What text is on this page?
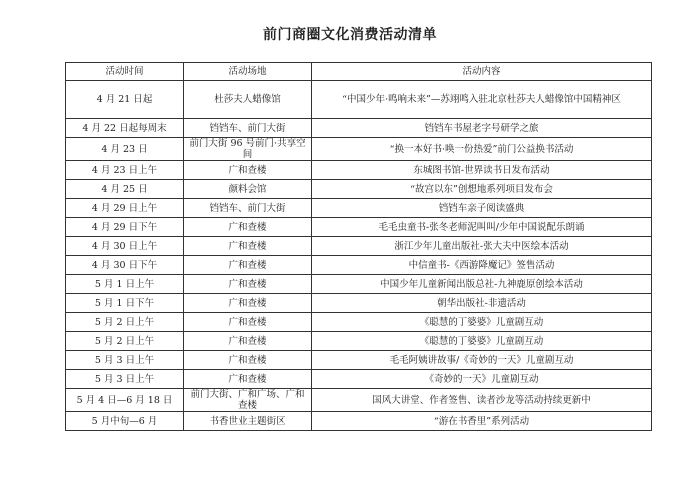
前门商圈文化消费活动清单
活动时间	活动场地	活动内容
4 月 21 日起	杜莎夫人蜡像馆	“中国少年·鸣响未来”—苏翊鸣入驻北京杜莎夫人蜡像馆中国精神区
4 月 22 日起每周末	铛铛车、前门大街	铛铛车书屋老字号研学之旅
4 月 23 日	前门大街 96 号前门·共享空间	“换一本好书·唤一份热爱”前门公益换书活动
4 月 23 日上午	广和查楼	东城图书馆-世界读书日发布活动
4 月 25 日	颜料会馆	“故宫以东”创想地系列项目发布会
4 月 29 日上午	铛铛车、前门大街	铛铛车亲子阅读盛典
4 月 29 日下午	广和查楼	毛毛虫童书-张冬老师泥叫叫/少年中国说配乐朗诵
4 月 30 日上午	广和查楼	浙江少年儿童出版社-张大夫中医绘本活动
4 月 30 日下午	广和查楼	中信童书-《西游降魔记》签售活动
5 月 1 日上午	广和查楼	中国少年儿童新闻出版总社-九神鹿原创绘本活动
5 月 1 日下午	广和查楼	朝华出版社-非遗活动
5 月 2 日上午	广和查楼	《聪慧的丁婆婆》儿童剧互动
5 月 2 日上午	广和查楼	《聪慧的丁婆婆》儿童剧互动
5 月 3 日上午	广和查楼	毛毛阿姨讲故事/《奇妙的一天》儿童剧互动
5 月 3 日上午	广和查楼	《奇妙的一天》儿童剧互动
5 月 4 日—6 月 18 日	前门大街、广和广场、广和查楼	国风大讲堂、作者签售、读者沙龙等活动持续更新中
5 月中旬—6 月	书香世业主题街区	“游在书香里”系列活动
